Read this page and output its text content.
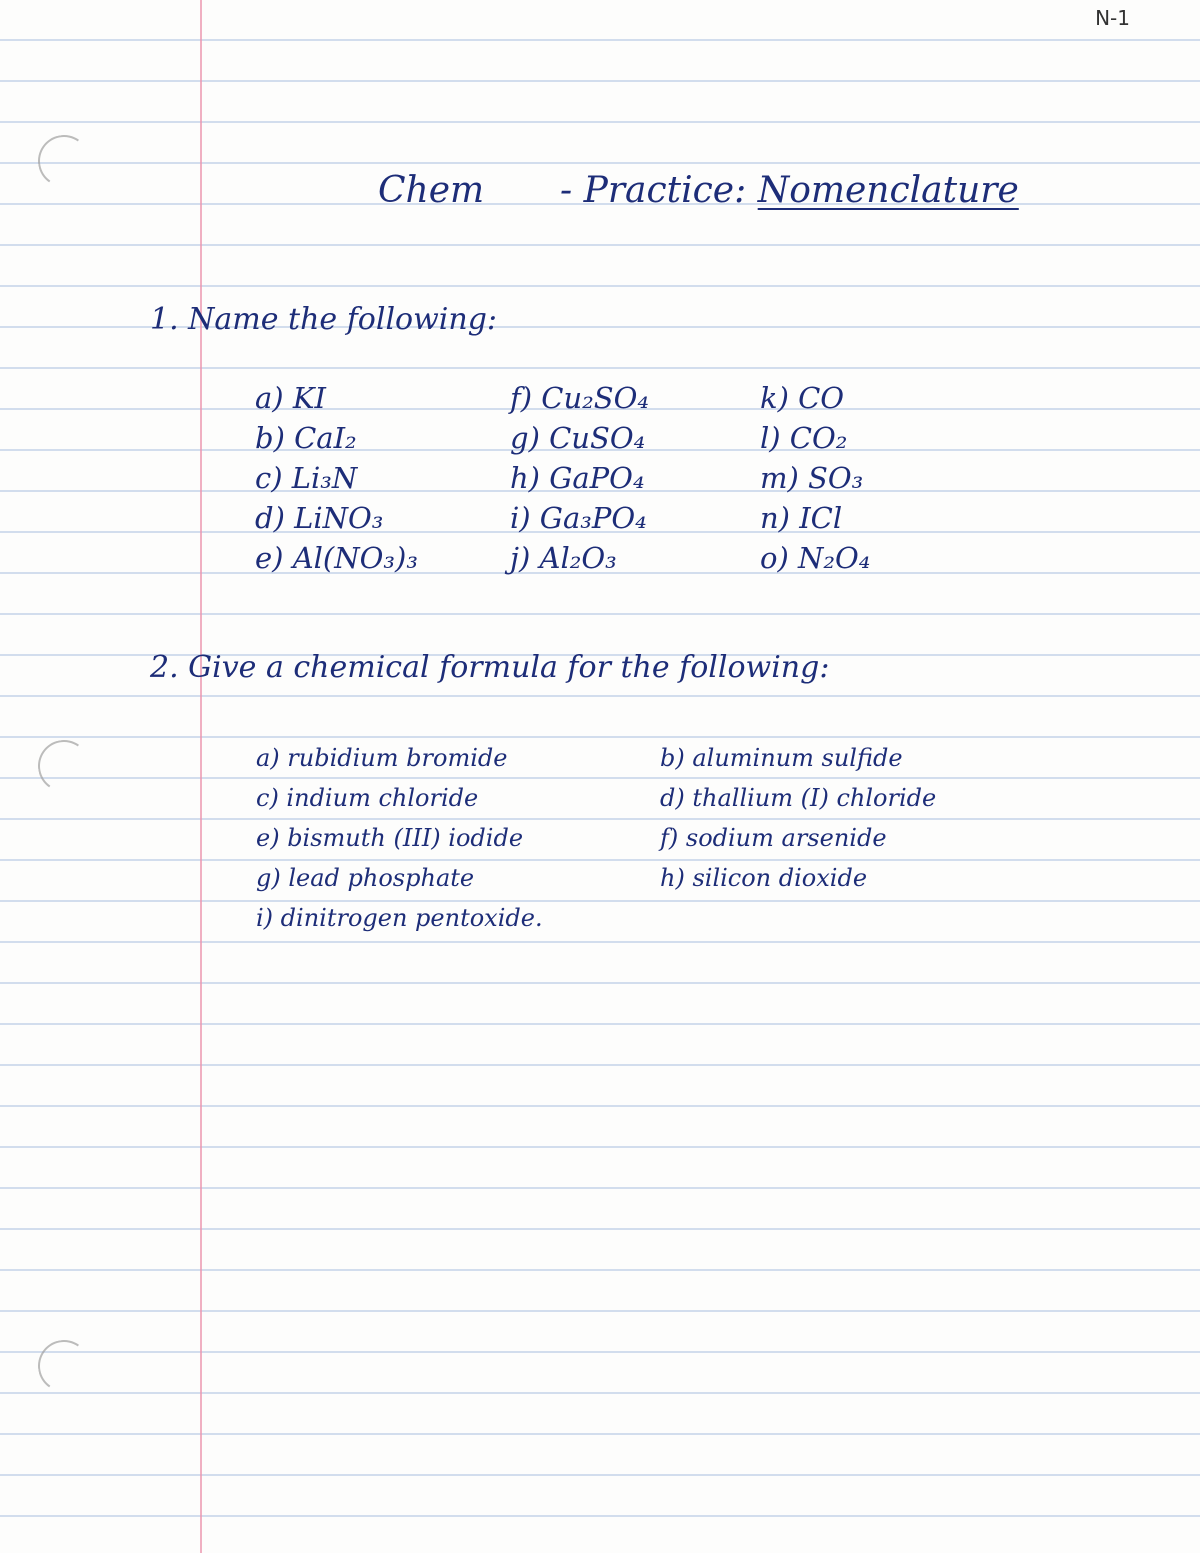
N-1
Chem - Practice: Nomenclature
1. Name the following:
a) KI
b) CaI₂
c) Li₃N
d) LiNO₃
e) Al(NO₃)₃
f) Cu₂SO₄
g) CuSO₄
h) GaPO₄
i) Ga₃PO₄
j) Al₂O₃
k) CO
l) CO₂
m) SO₃
n) ICl
o) N₂O₄
2. Give a chemical formula for the following:
a) rubidium bromide
c) indium chloride
e) bismuth (III) iodide
g) lead phosphate
i) dinitrogen pentoxide.
b) aluminum sulfide
d) thallium (I) chloride
f) sodium arsenide
h) silicon dioxide
